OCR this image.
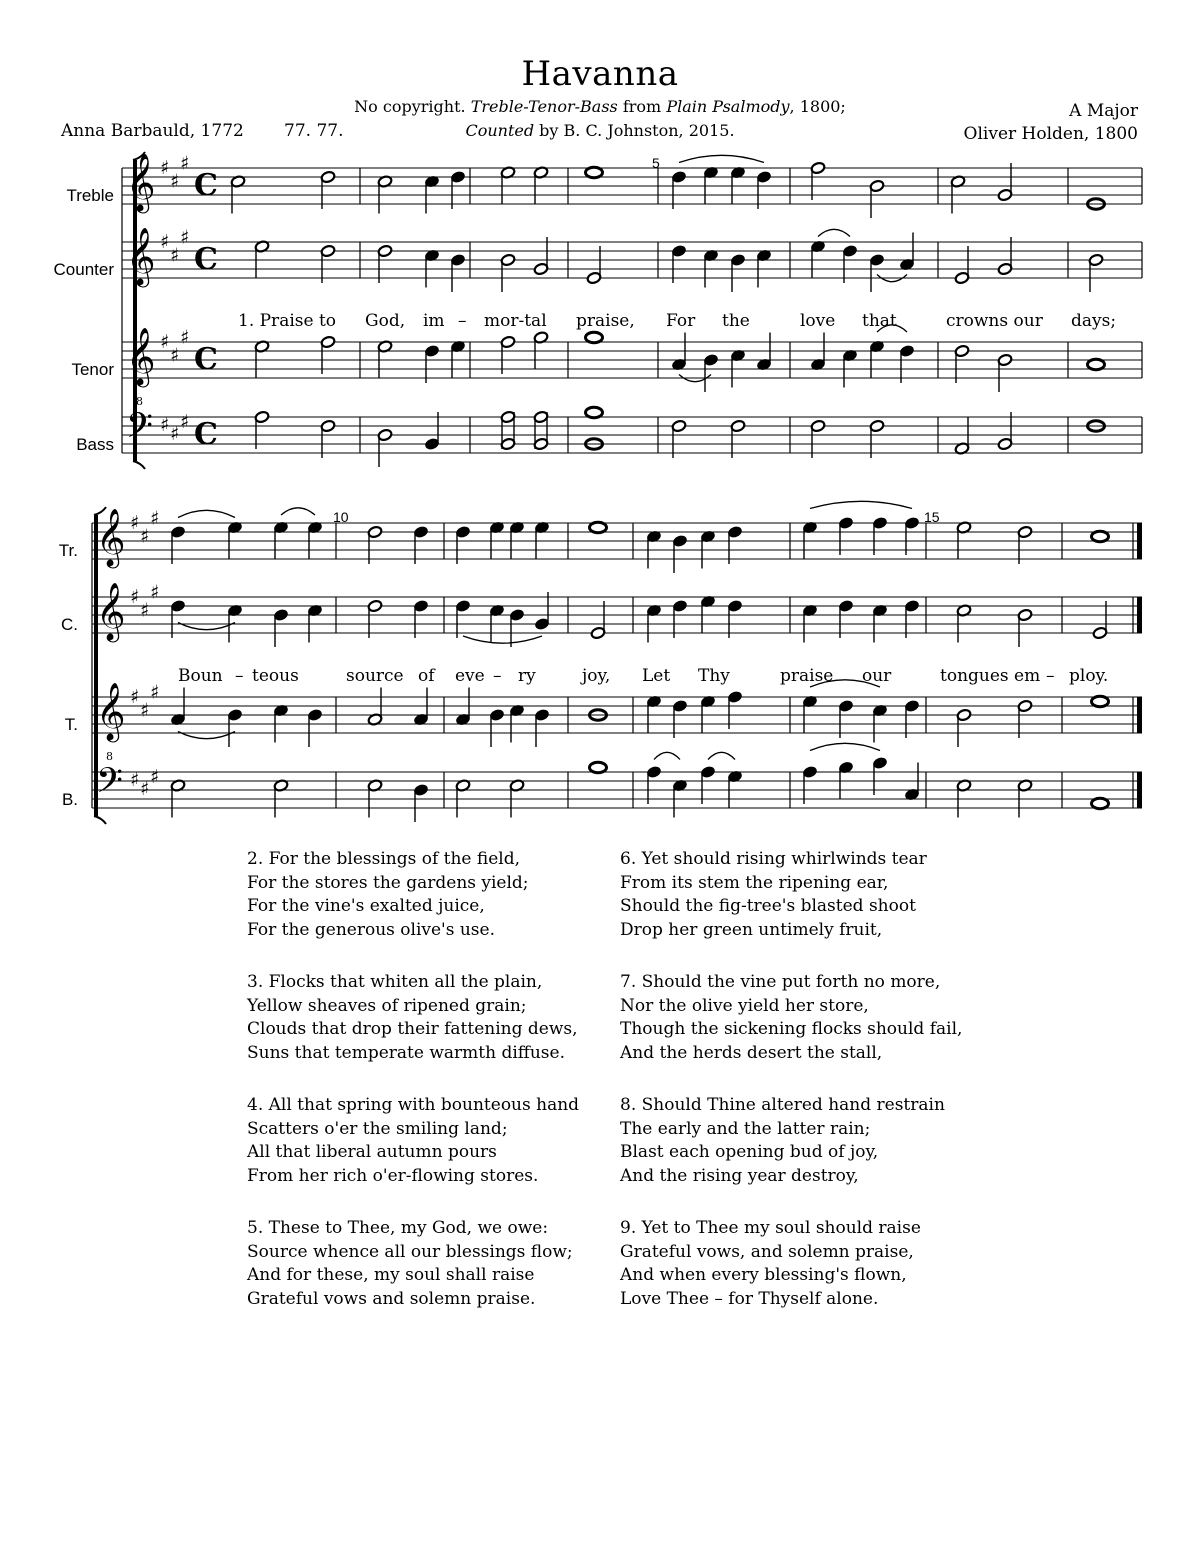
Havanna
No copyright. Treble-Tenor-Bass from Plain Psalmody, 1800;
Counted by B. C. Johnston, 2015.
Anna Barbauld, 1772 77. 77.
A Major
Oliver Holden, 1800
𝄞 ♯
♯
♯
C
𝄞 ♯
♯
♯
C
𝄞
8
♯
♯
♯
C
𝄢 ♯ ♯
♯ C
𝄞 ♯
♯
♯
𝄞 ♯
♯
♯
𝄞
8
♯
♯
♯
𝄢 ♯ ♯
♯
Treble
Counter
Tenor
Bass
Tr.
C.
T.
B.
5
10	15
1. Praise to God, im – mor-tal praise, For the	love that	crowns our days;
Boun – teous	source of eve – ry	joy, Let Thy	praise our	tongues em – ploy.
2. For the blessings of the field,
For the stores the gardens yield;
For the vine's exalted juice,
For the generous olive's use.
3. Flocks that whiten all the plain,
Yellow sheaves of ripened grain;
Clouds that drop their fattening dews,
Suns that temperate warmth diffuse.
4. All that spring with bounteous hand
Scatters o'er the smiling land;
All that liberal autumn pours
From her rich o'er-flowing stores.
5. These to Thee, my God, we owe:
Source whence all our blessings flow;
And for these, my soul shall raise
Grateful vows and solemn praise.
6. Yet should rising whirlwinds tear
From its stem the ripening ear,
Should the fig-tree's blasted shoot
Drop her green untimely fruit,
7. Should the vine put forth no more,
Nor the olive yield her store,
Though the sickening flocks should fail,
And the herds desert the stall,
8. Should Thine altered hand restrain
The early and the latter rain;
Blast each opening bud of joy,
And the rising year destroy,
9. Yet to Thee my soul should raise
Grateful vows, and solemn praise,
And when every blessing's flown,
Love Thee – for Thyself alone.
